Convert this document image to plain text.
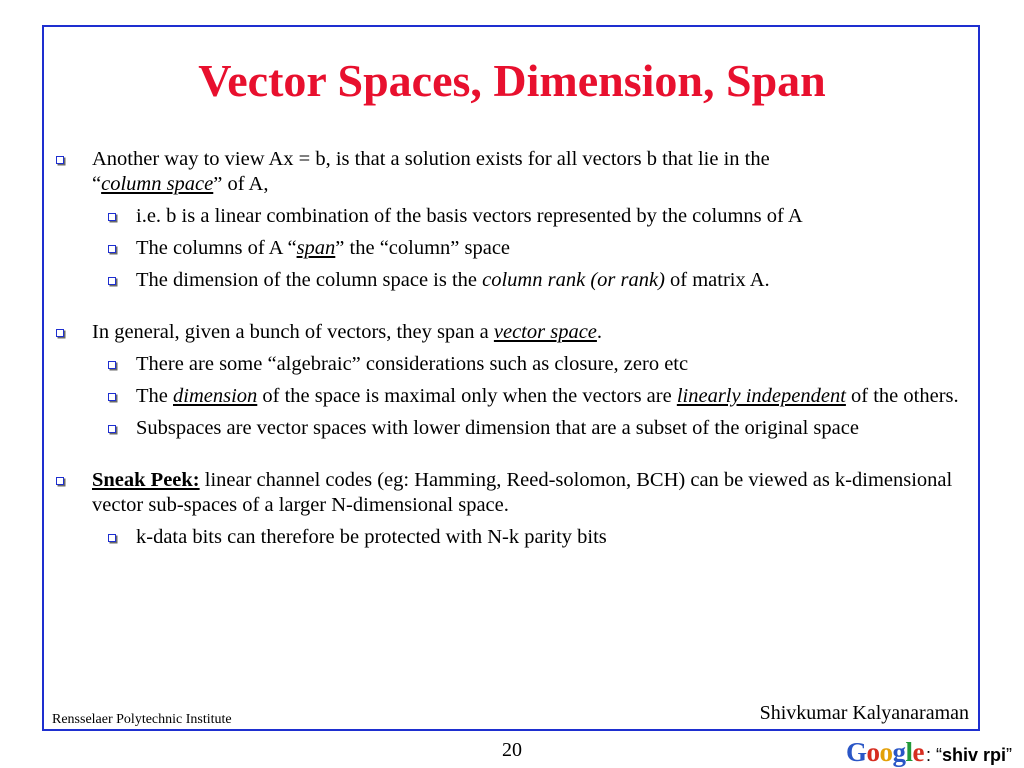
Vector Spaces, Dimension, Span
Another way to view Ax = b, is that a solution exists for all vectors b that lie in the
“column space” of A,
i.e. b is a linear combination of the basis vectors represented by the columns of A
The columns of A “span” the “column” space
The dimension of the column space is the column rank (or rank) of matrix A.
In general, given a bunch of vectors, they span a vector space.
There are some “algebraic” considerations such as closure, zero etc
The dimension of the space is maximal only when the vectors are linearly independent of the others.
Subspaces are vector spaces with lower dimension that are a subset of the original space
Sneak Peek: linear channel codes (eg: Hamming, Reed-solomon, BCH) can be viewed as k-dimensional vector sub-spaces of a larger N-dimensional space.
k-data bits can therefore be protected with N-k parity bits
Rensselaer Polytechnic Institute	Shivkumar Kalyanaraman
20	Google : “shiv rpi”
